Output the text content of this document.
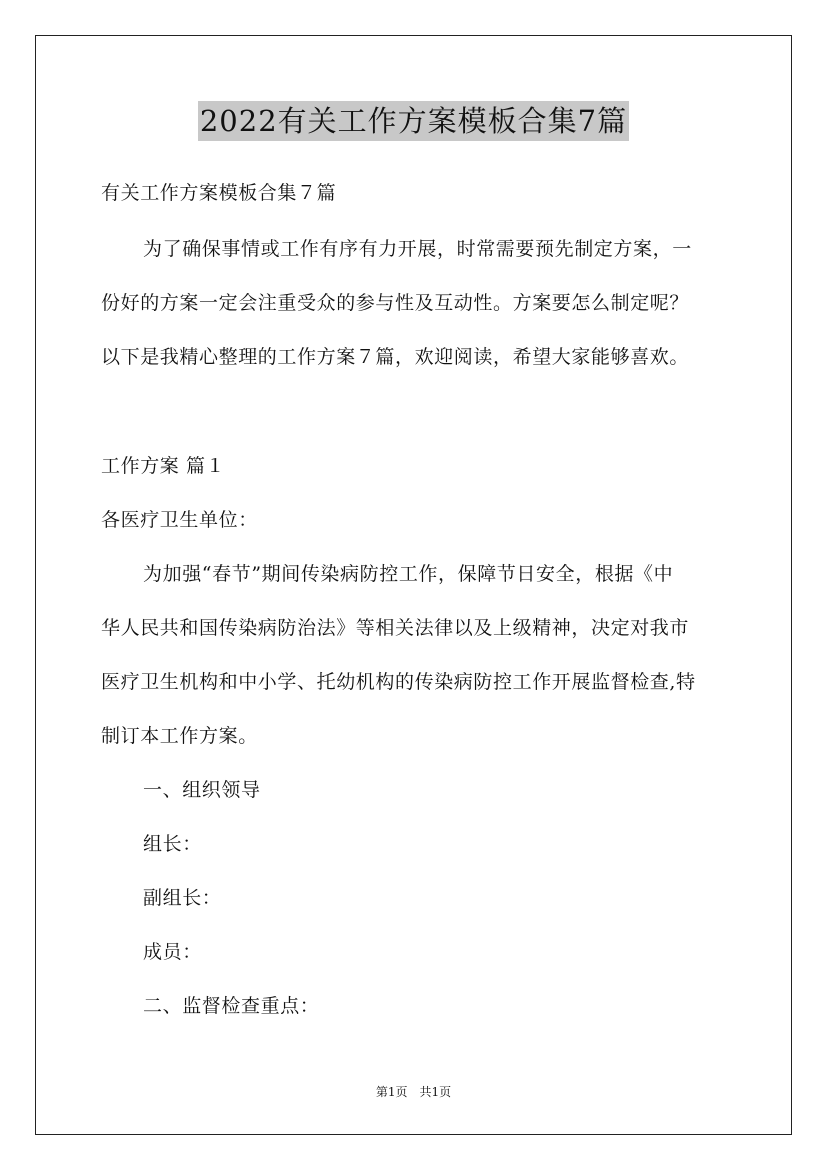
2022有关工作方案模板合集7篇
有关工作方案模板合集７篇
为了确保事情或工作有序有力开展，时常需要预先制定方案，一
份好的方案一定会注重受众的参与性及互动性。方案要怎么制定呢？
以下是我精心整理的工作方案７篇，欢迎阅读，希望大家能够喜欢。
工作方案 篇１
各医疗卫生单位：
为加强“春节”期间传染病防控工作，保障节日安全，根据《中
华人民共和国传染病防治法》等相关法律以及上级精神，决定对我市
医疗卫生机构和中小学、托幼机构的传染病防控工作开展监督检查,特
制订本工作方案。
一、组织领导
组长：
副组长：
成员：
二、监督检查重点：
第1页　共1页
